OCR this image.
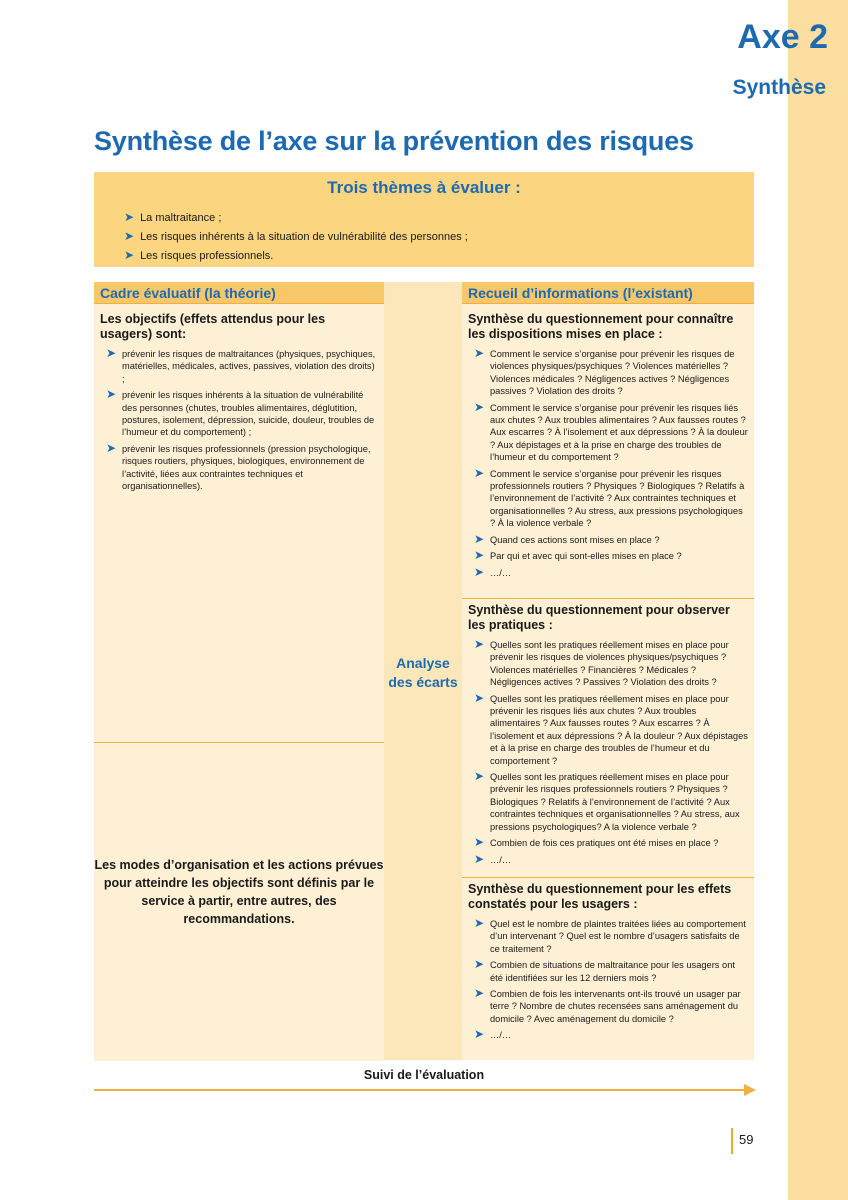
Axe 2
Synthèse
Synthèse de l’axe sur la prévention des risques
Trois thèmes à évaluer :
➤ La maltraitance ;
➤ Les risques inhérents à la situation de vulnérabilité des personnes ;
➤ Les risques professionnels.
Cadre évaluatif (la théorie)
Les objectifs (effets attendus pour les usagers) sont:
➤ prévenir les risques de maltraitances (physiques, psychiques, matérielles, médicales, actives, passives, violation des droits) ;
➤ prévenir les risques inhérents à la situation de vulnérabilité des personnes (chutes, troubles alimentaires, déglutition, postures, isolement, dépression, suicide, douleur, troubles de l’humeur et du comportement) ;
➤ prévenir les risques professionnels (pression psychologique, risques routiers, physiques, biologiques, environnement de l’activité, liées aux contraintes techniques et organisationnelles).
Les modes d’organisation et les actions prévues pour atteindre les objectifs sont définis par le service à partir, entre autres, des recommandations.
Analyse des écarts
Recueil d’informations (l’existant)
Synthèse du questionnement pour connaître les dispositions mises en place :
➤ Comment le service s’organise pour prévenir les risques de violences physiques/psychiques ? Violences matérielles ? Violences médicales ? Négligences actives ? Négligences passives ? Violation des droits ?
➤ Comment le service s’organise pour prévenir les risques liés aux chutes ? Aux troubles alimentaires ? Aux fausses routes ? Aux escarres ? À l’isolement et aux dépressions ? À la douleur ? Aux dépistages et à la prise en charge des troubles de l’humeur et du comportement ?
➤ Comment le service s’organise pour prévenir les risques professionnels routiers ? Physiques ? Biologiques ? Relatifs à l’environnement de l’activité ? Aux contraintes techniques et organisationnelles ? Au stress, aux pressions psychologiques ? À la violence verbale ?
➤ Quand ces actions sont mises en place ?
➤ Par qui et avec qui sont-elles mises en place ?
➤ …/…
Synthèse du questionnement pour observer les pratiques :
➤ Quelles sont les pratiques réellement mises en place pour prévenir les risques de violences physiques/psychiques ? Violences matérielles ? Financières ? Médicales ? Négligences actives ? Passives ? Violation des droits ?
➤ Quelles sont les pratiques réellement mises en place pour prévenir les risques liés aux chutes ? Aux troubles alimentaires ? Aux fausses routes ? Aux escarres ? À l’isolement et aux dépressions ? À la douleur ? Aux dépistages et à la prise en charge des troubles de l’humeur et du comportement ?
➤ Quelles sont les pratiques réellement mises en place pour prévenir les risques professionnels routiers ? Physiques ? Biologiques ? Relatifs à l’environnement de l’activité ? Aux contraintes techniques et organisationnelles ? Au stress, aux pressions psychologiques? A la violence verbale ?
➤ Combien de fois ces pratiques ont été mises en place ?
➤ …/…
Synthèse du questionnement pour les effets constatés pour les usagers :
➤ Quel est le nombre de plaintes traitées liées au comportement d’un intervenant ? Quel est le nombre d’usagers satisfaits de ce traitement ?
➤ Combien de situations de maltraitance pour les usagers ont été identifiées sur les 12 derniers mois ?
➤ Combien de fois les intervenants ont-ils trouvé un usager par terre ? Nombre de chutes recensées sans aménagement du domicile ? Avec aménagement du domicile ?
➤ …/…
Suivi de l’évaluation
59
